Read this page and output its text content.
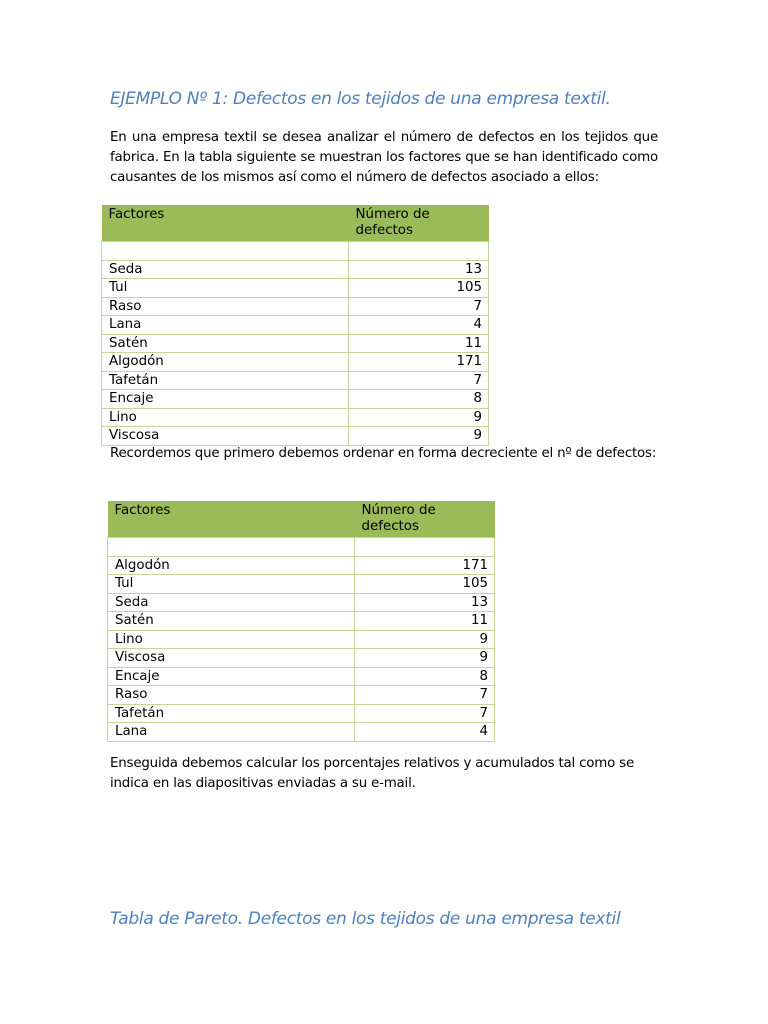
EJEMPLO Nº 1: Defectos en los tejidos de una empresa textil.

En una empresa textil se desea analizar el número de defectos en los tejidos que fabrica. En la tabla siguiente se muestran los factores que se han identificado como causantes de los mismos así como el número de defectos asociado a ellos:

Factores	Número de defectos

Seda	13
Tul	105
Raso	7
Lana	4
Satén	11
Algodón	171
Tafetán	7
Encaje	8
Lino	9
Viscosa	9

Recordemos que primero debemos ordenar en forma decreciente el nº de defectos:

Factores	Número de defectos

Algodón	171
Tul	105
Seda	13
Satén	11
Lino	9
Viscosa	9
Encaje	8
Raso	7
Tafetán	7
Lana	4

Enseguida debemos calcular los porcentajes relativos y acumulados tal como se indica en las diapositivas enviadas a su e-mail.

Tabla de Pareto. Defectos en los tejidos de una empresa textil
